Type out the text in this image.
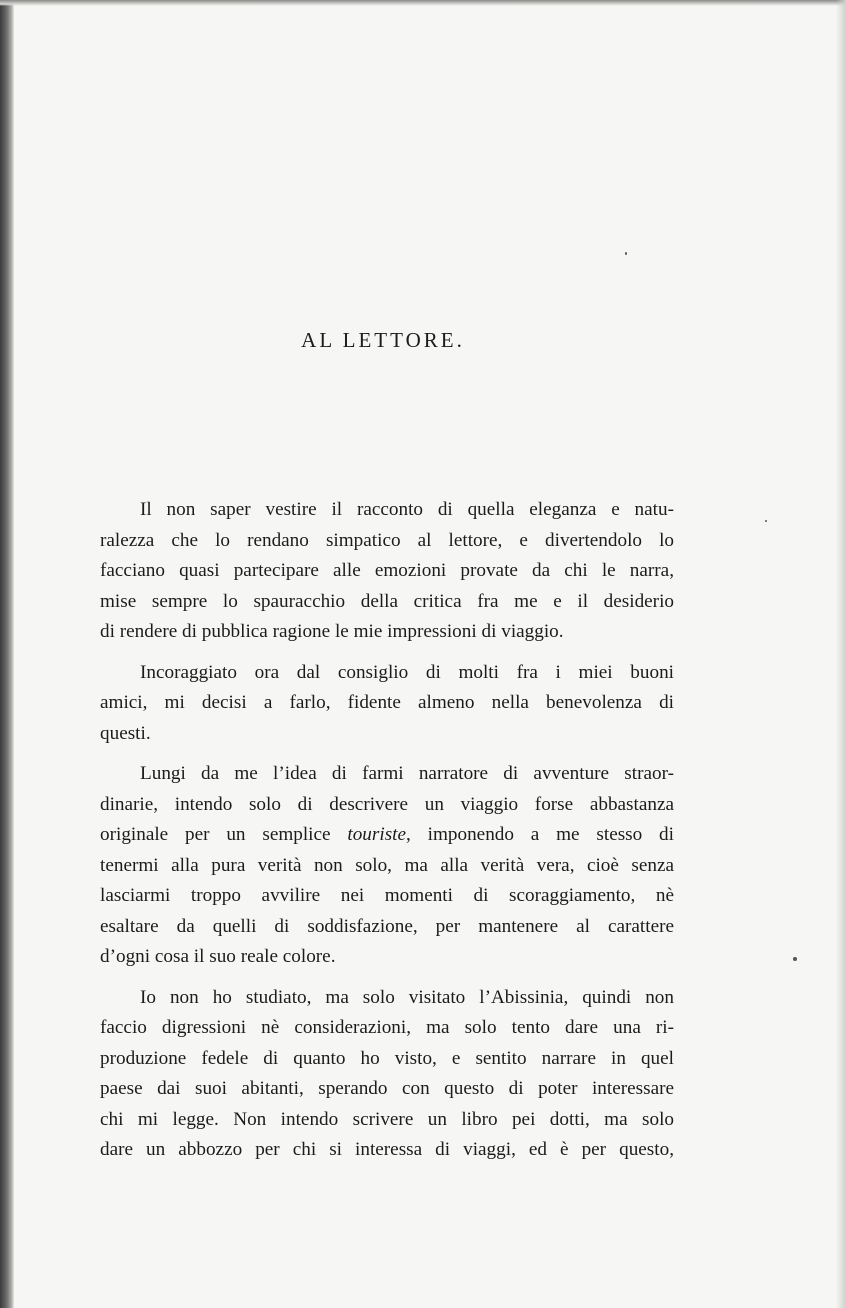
AL LETTORE.

Il non saper vestire il racconto di quella eleganza e natu-
ralezza che lo rendano simpatico al lettore, e divertendolo lo
facciano quasi partecipare alle emozioni provate da chi le narra,
mise sempre lo spauracchio della critica fra me e il desiderio
di rendere di pubblica ragione le mie impressioni di viaggio.

Incoraggiato ora dal consiglio di molti fra i miei buoni
amici, mi decisi a farlo, fidente almeno nella benevolenza di
questi.

Lungi da me l’idea di farmi narratore di avventure straor-
dinarie, intendo solo di descrivere un viaggio forse abbastanza
originale per un semplice touriste, imponendo a me stesso di
tenermi alla pura verità non solo, ma alla verità vera, cioè senza
lasciarmi troppo avvilire nei momenti di scoraggiamento, nè
esaltare da quelli di soddisfazione, per mantenere al carattere
d’ogni cosa il suo reale colore.

Io non ho studiato, ma solo visitato l’Abissinia, quindi non
faccio digressioni nè considerazioni, ma solo tento dare una ri-
produzione fedele di quanto ho visto, e sentito narrare in quel
paese dai suoi abitanti, sperando con questo di poter interessare
chi mi legge. Non intendo scrivere un libro pei dotti, ma solo
dare un abbozzo per chi si interessa di viaggi, ed è per questo,
